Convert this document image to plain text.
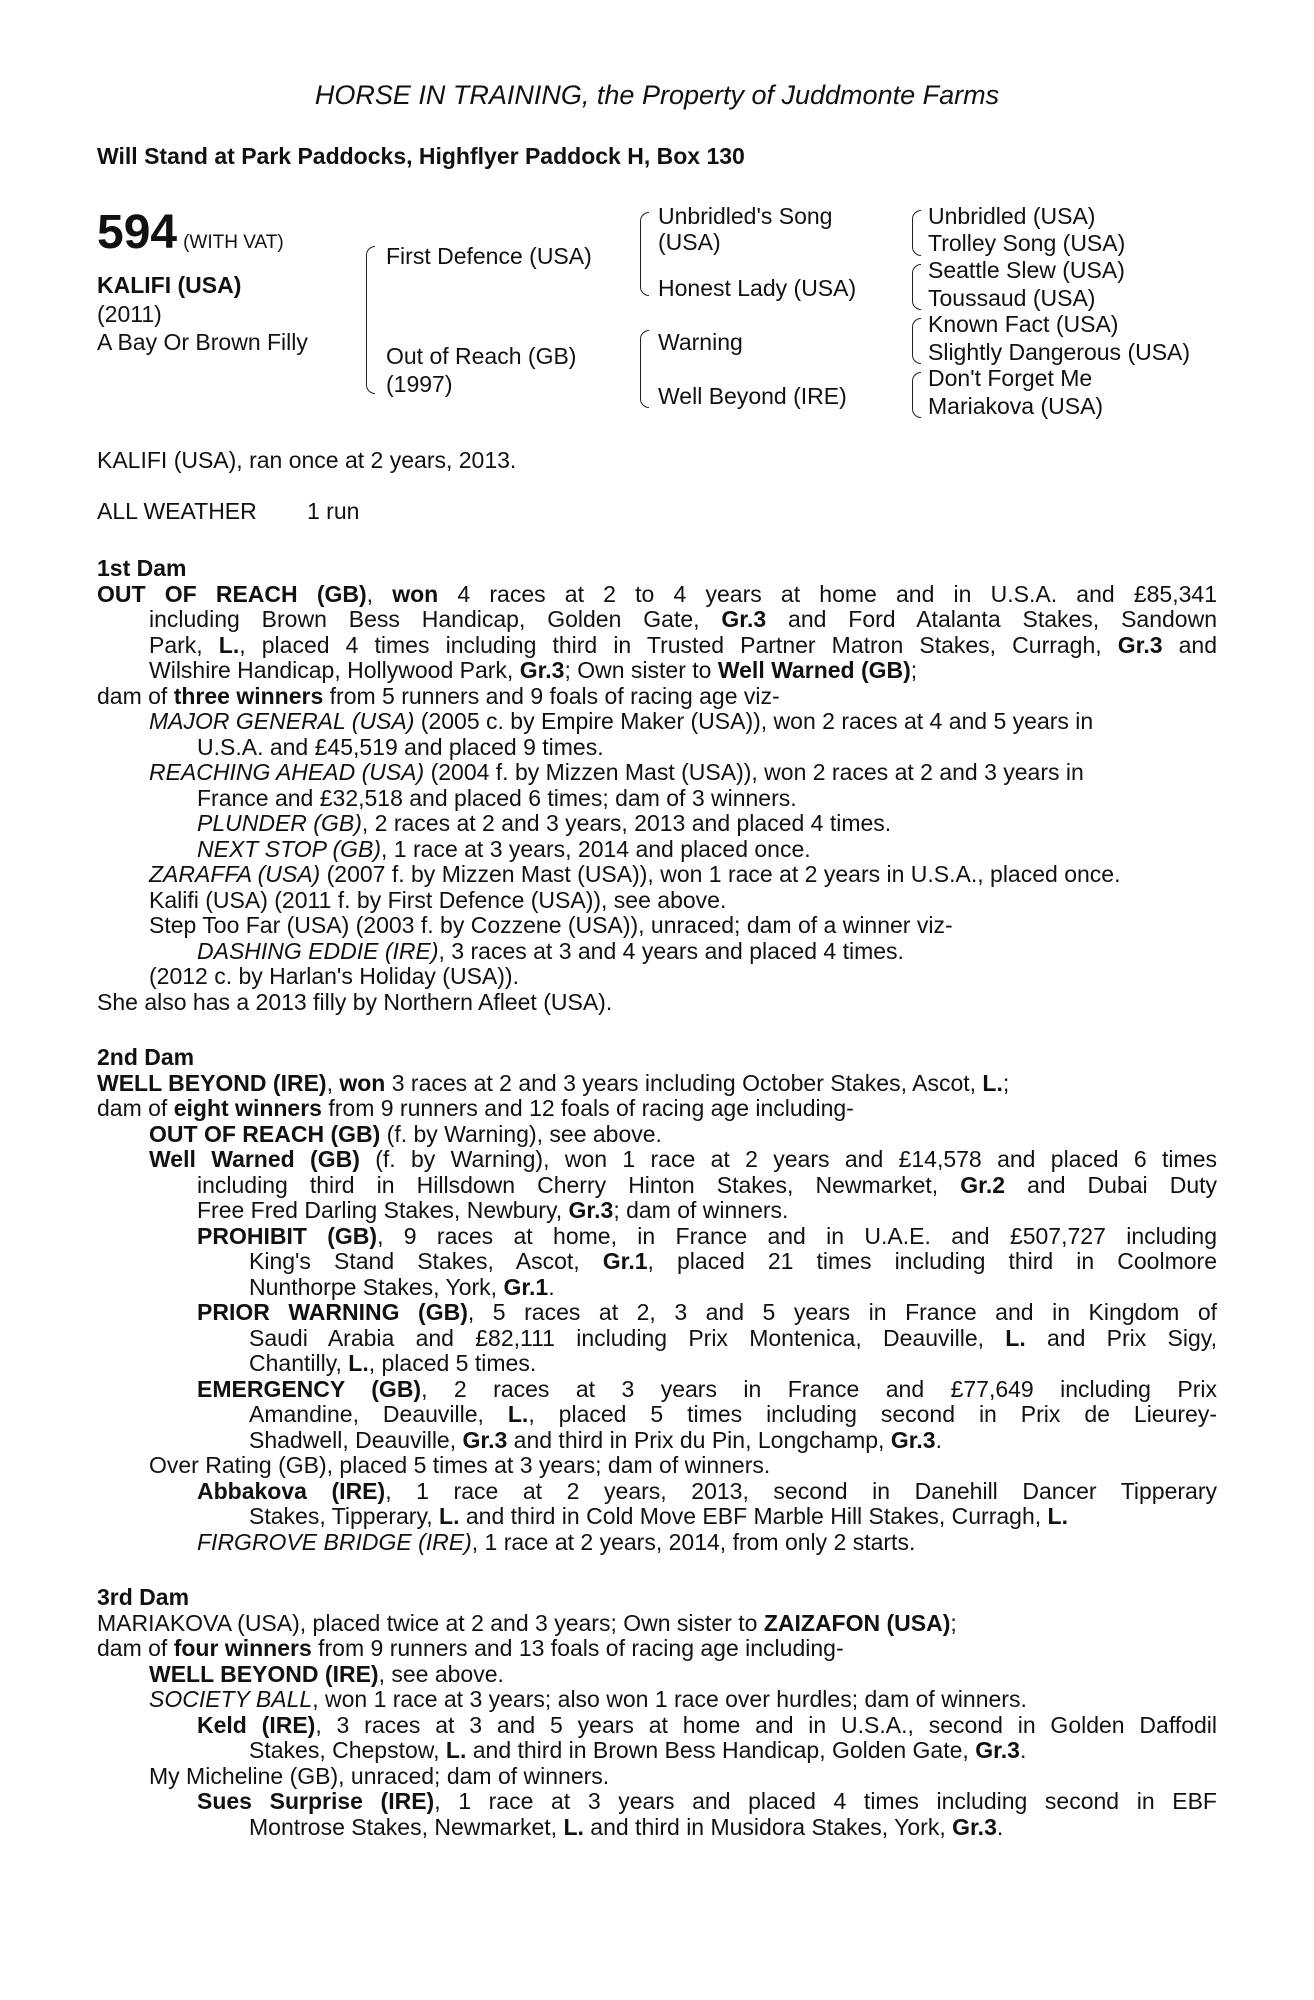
HORSE IN TRAINING, the Property of Juddmonte Farms
Will Stand at Park Paddocks, Highflyer Paddock H, Box 130
594 (WITH VAT)
KALIFI (USA)
(2011)
A Bay Or Brown Filly
First Defence (USA)
Out of Reach (GB)
(1997)
Unbridled's Song
(USA)
Honest Lady (USA)
Warning
Well Beyond (IRE)
Unbridled (USA)
Trolley Song (USA)
Seattle Slew (USA)
Toussaud (USA)
Known Fact (USA)
Slightly Dangerous (USA)
Don't Forget Me
Mariakova (USA)
KALIFI (USA), ran once at 2 years, 2013.
ALL WEATHER 1 run
1st Dam
OUT OF REACH (GB), won 4 races at 2 to 4 years at home and in U.S.A. and £85,341
including Brown Bess Handicap, Golden Gate, Gr.3 and Ford Atalanta Stakes, Sandown
Park, L., placed 4 times including third in Trusted Partner Matron Stakes, Curragh, Gr.3 and
Wilshire Handicap, Hollywood Park, Gr.3; Own sister to Well Warned (GB);
dam of three winners from 5 runners and 9 foals of racing age viz-
MAJOR GENERAL (USA) (2005 c. by Empire Maker (USA)), won 2 races at 4 and 5 years in
U.S.A. and £45,519 and placed 9 times.
REACHING AHEAD (USA) (2004 f. by Mizzen Mast (USA)), won 2 races at 2 and 3 years in
France and £32,518 and placed 6 times; dam of 3 winners.
PLUNDER (GB), 2 races at 2 and 3 years, 2013 and placed 4 times.
NEXT STOP (GB), 1 race at 3 years, 2014 and placed once.
ZARAFFA (USA) (2007 f. by Mizzen Mast (USA)), won 1 race at 2 years in U.S.A., placed once.
Kalifi (USA) (2011 f. by First Defence (USA)), see above.
Step Too Far (USA) (2003 f. by Cozzene (USA)), unraced; dam of a winner viz-
DASHING EDDIE (IRE), 3 races at 3 and 4 years and placed 4 times.
(2012 c. by Harlan's Holiday (USA)).
She also has a 2013 filly by Northern Afleet (USA).
2nd Dam
WELL BEYOND (IRE), won 3 races at 2 and 3 years including October Stakes, Ascot, L.;
dam of eight winners from 9 runners and 12 foals of racing age including-
OUT OF REACH (GB) (f. by Warning), see above.
Well Warned (GB) (f. by Warning), won 1 race at 2 years and £14,578 and placed 6 times
including third in Hillsdown Cherry Hinton Stakes, Newmarket, Gr.2 and Dubai Duty
Free Fred Darling Stakes, Newbury, Gr.3; dam of winners.
PROHIBIT (GB), 9 races at home, in France and in U.A.E. and £507,727 including
King's Stand Stakes, Ascot, Gr.1, placed 21 times including third in Coolmore
Nunthorpe Stakes, York, Gr.1.
PRIOR WARNING (GB), 5 races at 2, 3 and 5 years in France and in Kingdom of
Saudi Arabia and £82,111 including Prix Montenica, Deauville, L. and Prix Sigy,
Chantilly, L., placed 5 times.
EMERGENCY (GB), 2 races at 3 years in France and £77,649 including Prix
Amandine, Deauville, L., placed 5 times including second in Prix de Lieurey-
Shadwell, Deauville, Gr.3 and third in Prix du Pin, Longchamp, Gr.3.
Over Rating (GB), placed 5 times at 3 years; dam of winners.
Abbakova (IRE), 1 race at 2 years, 2013, second in Danehill Dancer Tipperary
Stakes, Tipperary, L. and third in Cold Move EBF Marble Hill Stakes, Curragh, L.
FIRGROVE BRIDGE (IRE), 1 race at 2 years, 2014, from only 2 starts.
3rd Dam
MARIAKOVA (USA), placed twice at 2 and 3 years; Own sister to ZAIZAFON (USA);
dam of four winners from 9 runners and 13 foals of racing age including-
WELL BEYOND (IRE), see above.
SOCIETY BALL, won 1 race at 3 years; also won 1 race over hurdles; dam of winners.
Keld (IRE), 3 races at 3 and 5 years at home and in U.S.A., second in Golden Daffodil
Stakes, Chepstow, L. and third in Brown Bess Handicap, Golden Gate, Gr.3.
My Micheline (GB), unraced; dam of winners.
Sues Surprise (IRE), 1 race at 3 years and placed 4 times including second in EBF
Montrose Stakes, Newmarket, L. and third in Musidora Stakes, York, Gr.3.
